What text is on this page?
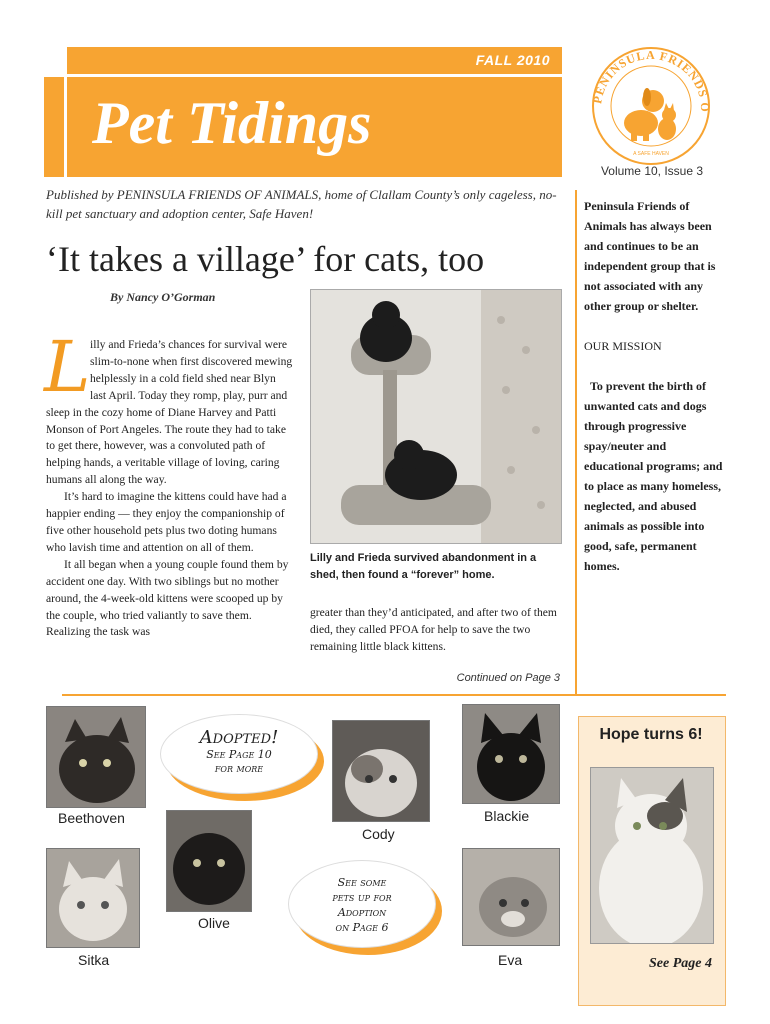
FALL 2010
Pet Tidings	PENINSULA FRIENDS O
A SAFE HAVEN
Volume 10, Issue 3
Published by PENINSULA FRIENDS OF ANIMALS, home of Clallam County’s only cageless, no-kill pet sanctuary and adoption center, Safe Haven!
‘It takes a village’ for cats, too
By Nancy O’Gorman
L illy and Frieda’s chances for survival were slim-to-none when first discovered mewing helplessly in a cold field shed near Blyn last April. Today they romp, play, purr and sleep in the cozy home of Diane Harvey and Patti Monson of Port Angeles. The route they had to take to get there, however, was a convoluted path of helping hands, a veritable village of loving, caring humans all along the way.

It’s hard to imagine the kittens could have had a happier ending — they enjoy the companionship of five other household pets plus two doting humans who lavish time and attention on all of them.

It all began when a young couple found them by accident one day. With two siblings but no mother around, the 4-week-old kittens were scooped up by the couple, who tried valiantly to save them. Realizing the task was

Lilly and Frieda survived abandonment in a shed, then found a “forever” home.
greater than they’d anticipated, and after two of them died, they called PFOA for help to save the two remaining little black kittens.
Continued on Page 3

Peninsula Friends of Animals has always been and continues to be an independent group that is not associated with any other group or shelter.

OUR MISSION

To prevent the birth of unwanted cats and dogs through progressive spay/neuter and educational programs; and to place as many homeless, neglected, and abused animals as possible into good, safe, permanent homes.

Beethoven
Sitka
Olive
Cody
Blackie
Eva
Adopted!
See Page 10
for more
See some
pets up for
Adoption
on Page 6
Hope turns 6!
See Page 4
